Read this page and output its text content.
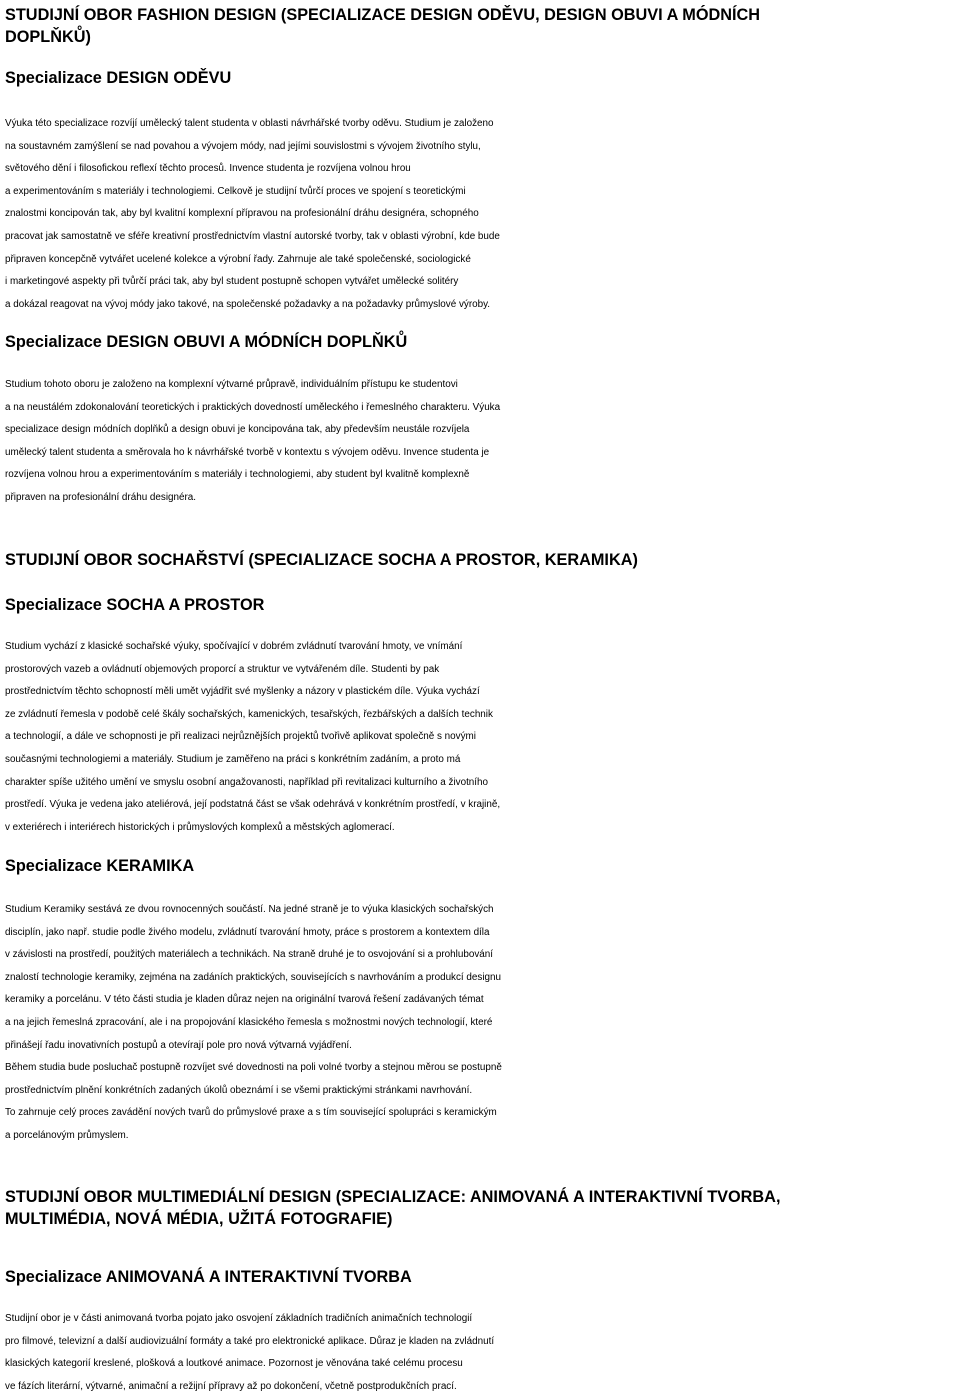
STUDIJNÍ OBOR FASHION DESIGN (SPECIALIZACE DESIGN ODĚVU, DESIGN OBUVI A MÓDNÍCH
DOPLŇKŮ)
Specializace DESIGN ODĚVU
Výuka této specializace rozvíjí umělecký talent studenta v oblasti návrhářské tvorby oděvu. Studium je založeno
na soustavném zamýšlení se nad povahou a vývojem módy, nad jejími souvislostmi s vývojem životního stylu,
světového dění i filosofickou reflexí těchto procesů. Invence studenta je rozvíjena volnou hrou
a experimentováním s materiály i technologiemi. Celkově je studijní tvůrčí proces ve spojení s teoretickými
znalostmi koncipován tak, aby byl kvalitní komplexní přípravou na profesionální dráhu designéra, schopného
pracovat jak samostatně ve sféře kreativní prostřednictvím vlastní autorské tvorby, tak v oblasti výrobní, kde bude
připraven koncepčně vytvářet ucelené kolekce a výrobní řady. Zahrnuje ale také společenské, sociologické
i marketingové aspekty při tvůrčí práci tak, aby byl student postupně schopen vytvářet umělecké solitéry
a dokázal reagovat na vývoj módy jako takové, na společenské požadavky a na požadavky průmyslové výroby.
Specializace DESIGN OBUVI A MÓDNÍCH DOPLŇKŮ
Studium tohoto oboru je založeno na komplexní výtvarné průpravě, individuálním přístupu ke studentovi
a na neustálém zdokonalování teoretických i praktických dovedností uměleckého i řemeslného charakteru. Výuka
specializace design módních doplňků a design obuvi je koncipována tak, aby především neustále rozvíjela
umělecký talent studenta a směrovala ho k návrhářské tvorbě v kontextu s vývojem oděvu. Invence studenta je
rozvíjena volnou hrou a experimentováním s materiály i technologiemi, aby student byl kvalitně komplexně
připraven na profesionální dráhu designéra.
STUDIJNÍ OBOR SOCHAŘSTVÍ (SPECIALIZACE SOCHA A PROSTOR, KERAMIKA)
Specializace SOCHA A PROSTOR
Studium vychází z klasické sochařské výuky, spočívající v dobrém zvládnutí tvarování hmoty, ve vnímání
prostorových vazeb a ovládnutí objemových proporcí a struktur ve vytvářeném díle. Studenti by pak
prostřednictvím těchto schopností měli umět vyjádřit své myšlenky a názory v plastickém díle. Výuka vychází
ze zvládnutí řemesla v podobě celé škály sochařských, kamenických, tesařských, řezbářských a dalších technik
a technologií, a dále ve schopnosti je při realizaci nejrůznějších projektů tvořivě aplikovat společně s novými
současnými technologiemi a materiály. Studium je zaměřeno na práci s konkrétním zadáním, a proto má
charakter spíše užitého umění ve smyslu osobní angažovanosti, například při revitalizaci kulturního a životního
prostředí. Výuka je vedena jako ateliérová, její podstatná část se však odehrává v konkrétním prostředí, v krajině,
v exteriérech i interiérech historických i průmyslových komplexů a městských aglomerací.
Specializace KERAMIKA
Studium Keramiky sestává ze dvou rovnocenných součástí. Na jedné straně je to výuka klasických sochařských
disciplín, jako např. studie podle živého modelu, zvládnutí tvarování hmoty, práce s prostorem a kontextem díla
v závislosti na prostředí, použitých materiálech a technikách. Na straně druhé je to osvojování si a prohlubování
znalostí technologie keramiky, zejména na zadáních praktických, souvisejících s navrhováním a produkcí designu
keramiky a porcelánu. V této části studia je kladen důraz nejen na originální tvarová řešení zadávaných témat
a na jejich řemeslná zpracování, ale i na propojování klasického řemesla s možnostmi nových technologií, které
přinášejí řadu inovativních postupů a otevírají pole pro nová výtvarná vyjádření.
Během studia bude posluchač postupně rozvíjet své dovednosti na poli volné tvorby a stejnou měrou se postupně
prostřednictvím plnění konkrétních zadaných úkolů obeznámí i se všemi praktickými stránkami navrhování.
To zahrnuje celý proces zavádění nových tvarů do průmyslové praxe a s tím související spolupráci s keramickým
a porcelánovým průmyslem.
STUDIJNÍ OBOR MULTIMEDIÁLNÍ DESIGN (SPECIALIZACE: ANIMOVANÁ A INTERAKTIVNÍ TVORBA,
MULTIMÉDIA, NOVÁ MÉDIA, UŽITÁ FOTOGRAFIE)
Specializace ANIMOVANÁ A INTERAKTIVNÍ TVORBA
Studijní obor je v části animovaná tvorba pojato jako osvojení základních tradičních animačních technologií
pro filmové, televizní a další audiovizuální formáty a také pro elektronické aplikace. Důraz je kladen na zvládnutí
klasických kategorií kreslené, plošková a loutkové animace. Pozornost je věnována také celému procesu
ve fázích literární, výtvarné, animační a režijní přípravy až po dokončení, včetně postprodukčních prací.
